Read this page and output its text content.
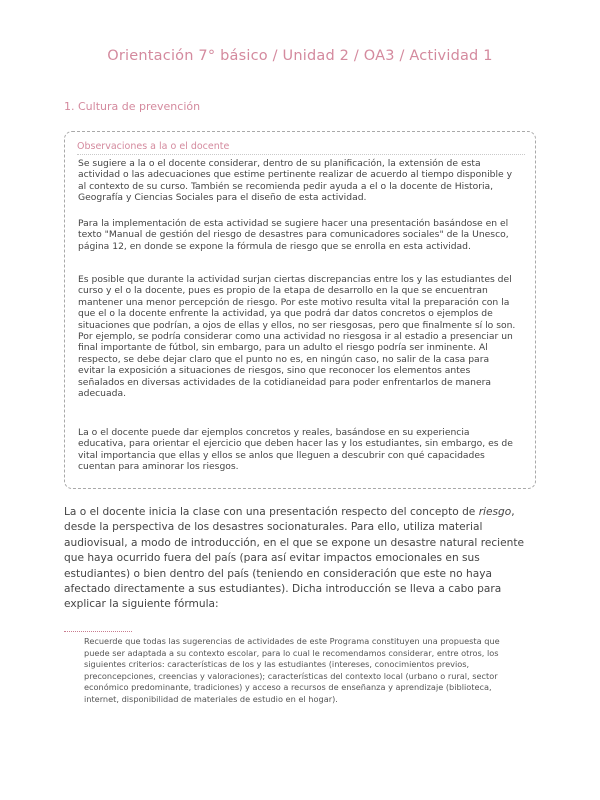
Orientación 7° básico / Unidad 2 / OA3 / Actividad 1
1. Cultura de prevención
Observaciones a la o el docente
Se sugiere a la o el docente considerar, dentro de su planificación, la extensión de esta actividad o las adecuaciones que estime pertinente realizar de acuerdo al tiempo disponible y al contexto de su curso. También se recomienda pedir ayuda a el o la docente de Historia, Geografía y Ciencias Sociales para el diseño de esta actividad.
Para la implementación de esta actividad se sugiere hacer una presentación basándose en el texto "Manual de gestión del riesgo de desastres para comunicadores sociales" de la Unesco, página 12, en donde se expone la fórmula de riesgo que se enrolla en esta actividad.
Es posible que durante la actividad surjan ciertas discrepancias entre los y las estudiantes del curso y el o la docente, pues es propio de la etapa de desarrollo en la que se encuentran mantener una menor percepción de riesgo. Por este motivo resulta vital la preparación con la que el o la docente enfrente la actividad, ya que podrá dar datos concretos o ejemplos de situaciones que podrían, a ojos de ellas y ellos, no ser riesgosas, pero que finalmente sí lo son. Por ejemplo, se podría considerar como una actividad no riesgosa ir al estadio a presenciar un final importante de fútbol, sin embargo, para un adulto el riesgo podría ser inminente. Al respecto, se debe dejar claro que el punto no es, en ningún caso, no salir de la casa para evitar la exposición a situaciones de riesgos, sino que reconocer los elementos antes señalados en diversas actividades de la cotidianeidad para poder enfrentarlos de manera adecuada.
La o el docente puede dar ejemplos concretos y reales, basándose en su experiencia educativa, para orientar el ejercicio que deben hacer las y los estudiantes, sin embargo, es de vital importancia que ellas y ellos se anlos que lleguen a descubrir con qué capacidades cuentan para aminorar los riesgos.
La o el docente inicia la clase con una presentación respecto del concepto de riesgo, desde la perspectiva de los desastres socionaturales. Para ello, utiliza material audiovisual, a modo de introducción, en el que se expone un desastre natural reciente que haya ocurrido fuera del país (para así evitar impactos emocionales en sus estudiantes) o bien dentro del país (teniendo en consideración que este no haya afectado directamente a sus estudiantes). Dicha introducción se lleva a cabo para explicar la siguiente fórmula:
Recuerde que todas las sugerencias de actividades de este Programa constituyen una propuesta que puede ser adaptada a su contexto escolar, para lo cual le recomendamos considerar, entre otros, los siguientes criterios: características de los y las estudiantes (intereses, conocimientos previos, preconcepciones, creencias y valoraciones); características del contexto local (urbano o rural, sector económico predominante, tradiciones) y acceso a recursos de enseñanza y aprendizaje (biblioteca, internet, disponibilidad de materiales de estudio en el hogar).
